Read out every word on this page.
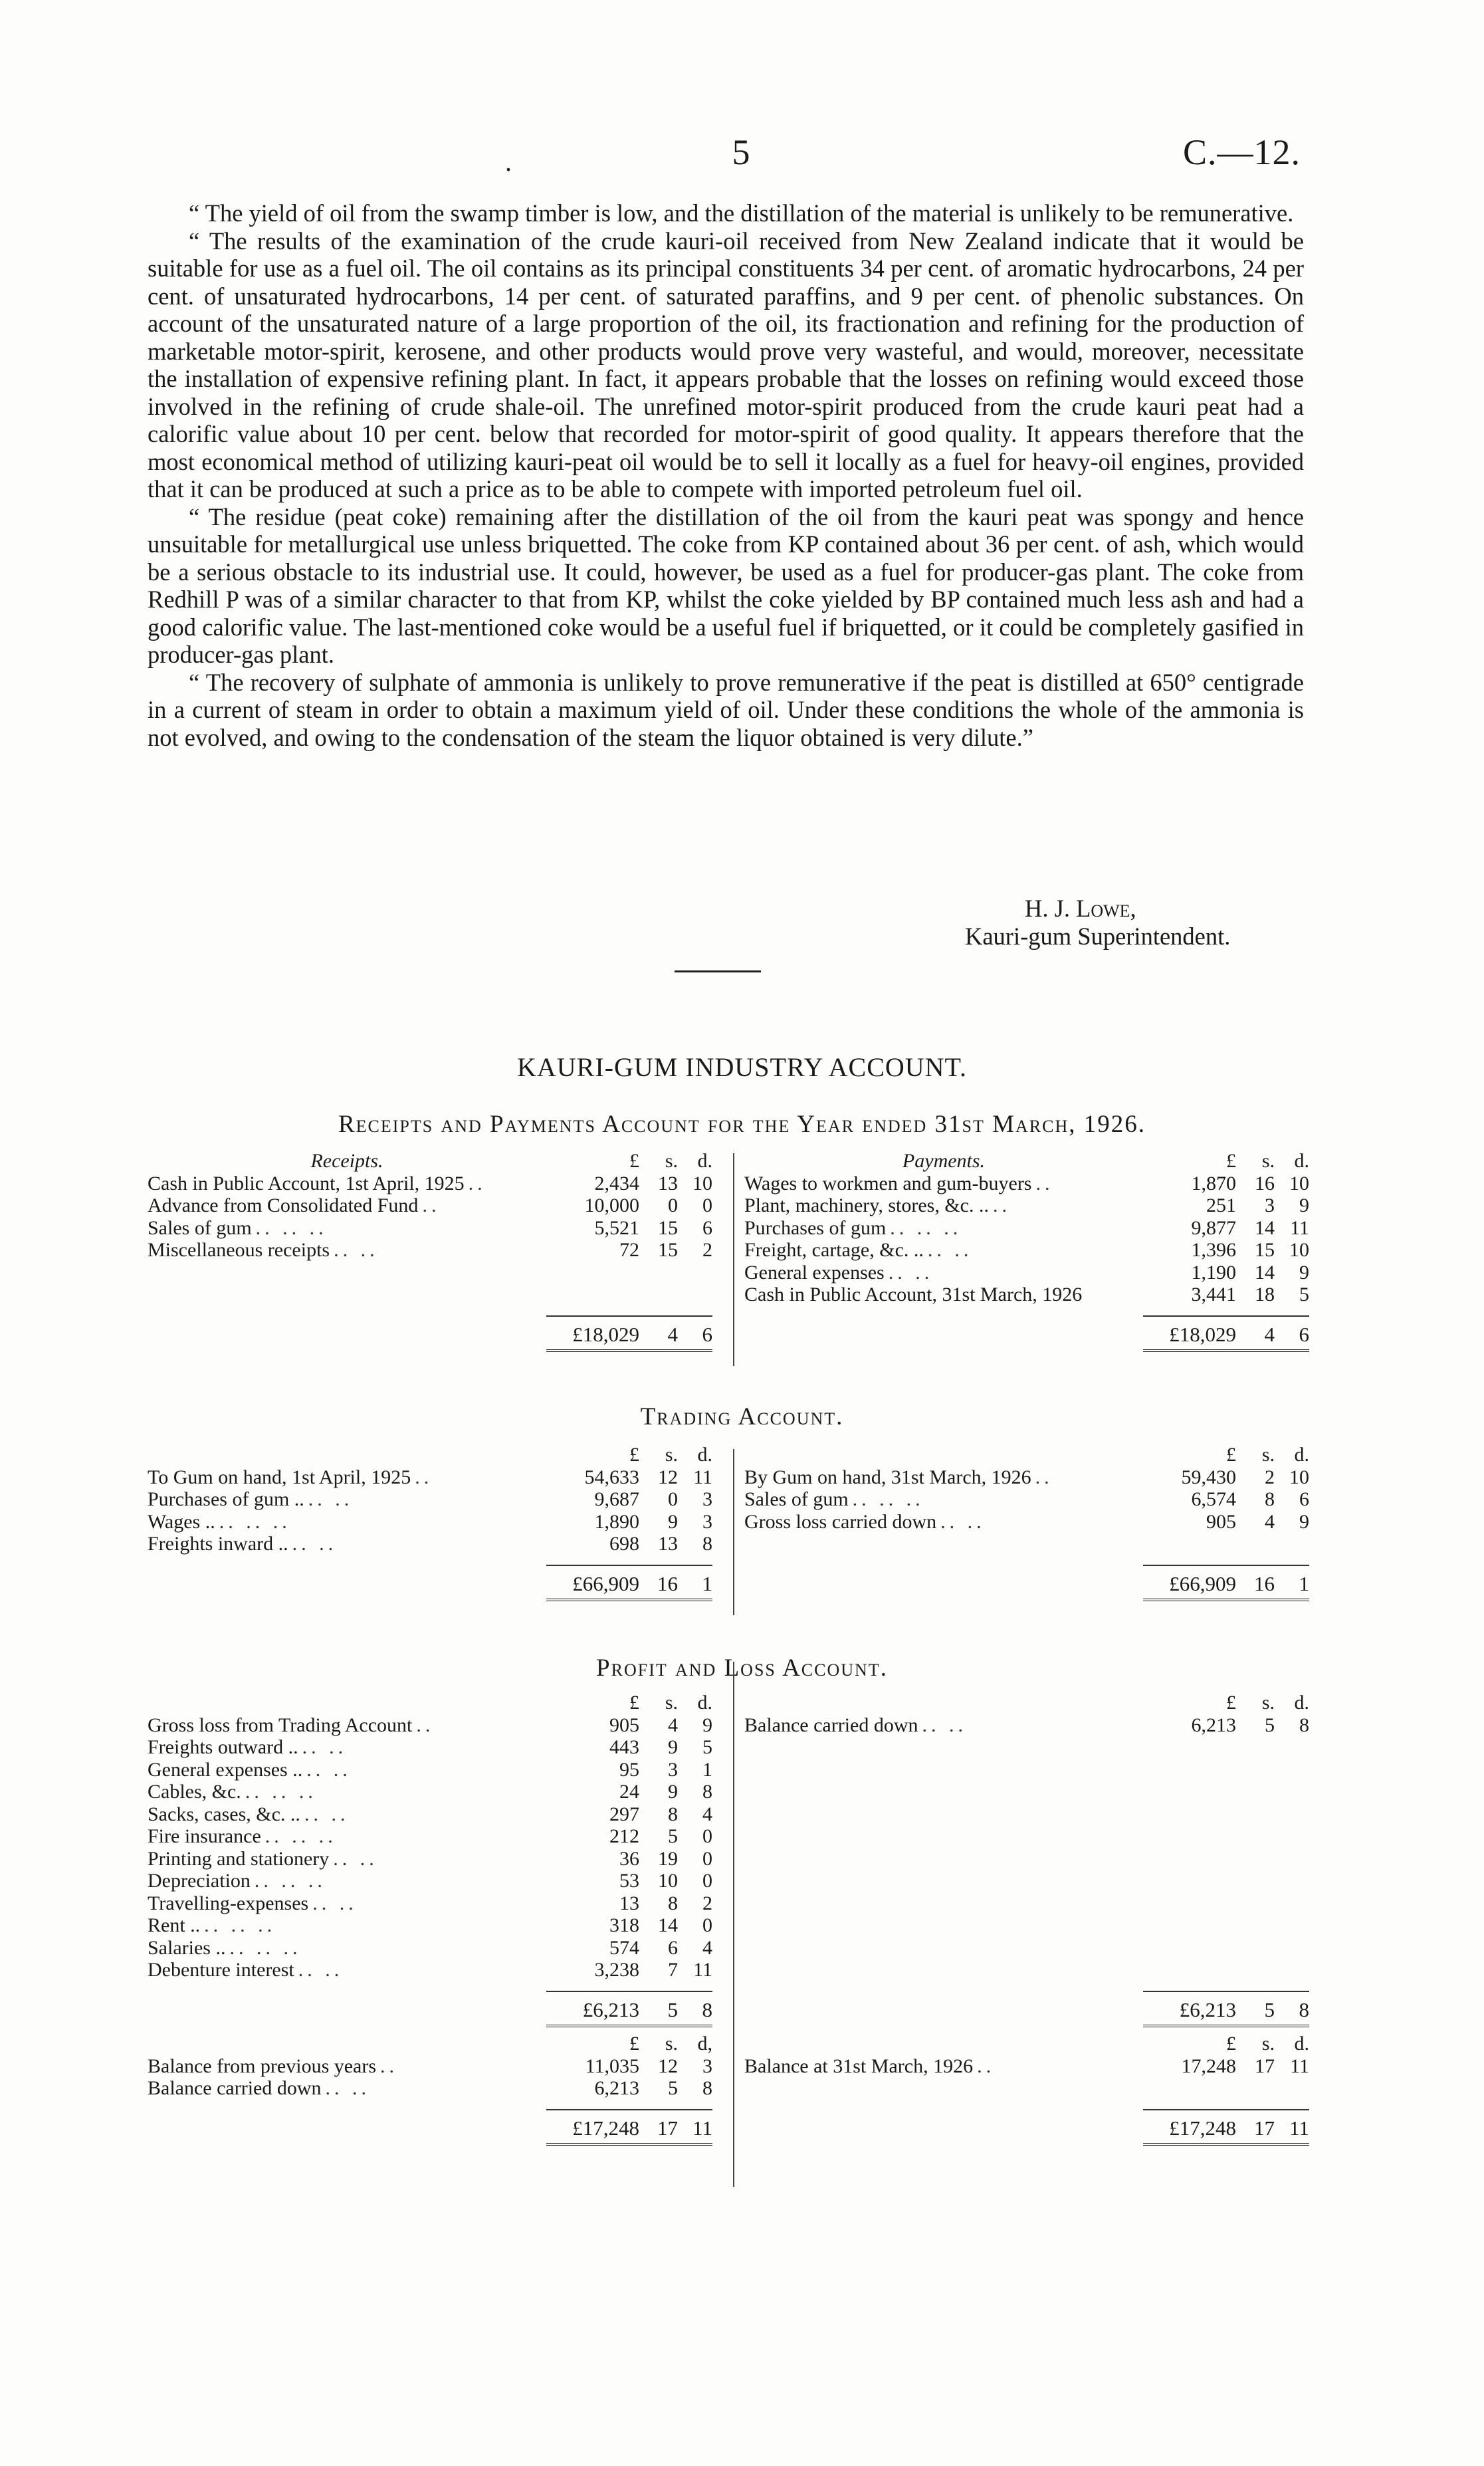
.	5	C.—12.

“ The yield of oil from the swamp timber is low, and the distillation of the material is unlikely to be remunerative.

“ The results of the examination of the crude kauri-oil received from New Zealand indicate that it would be suitable for use as a fuel oil. The oil contains as its principal constituents 34 per cent. of aromatic hydrocarbons, 24 per cent. of unsaturated hydrocarbons, 14 per cent. of saturated paraffins, and 9 per cent. of phenolic substances. On account of the unsaturated nature of a large proportion of the oil, its fractionation and refining for the production of marketable motor-spirit, kerosene, and other products would prove very wasteful, and would, moreover, necessitate the installation of expensive refining plant. In fact, it appears probable that the losses on refining would exceed those involved in the refining of crude shale-oil. The unrefined motor-spirit produced from the crude kauri peat had a calorific value about 10 per cent. below that recorded for motor-spirit of good quality. It appears therefore that the most economical method of utilizing kauri-peat oil would be to sell it locally as a fuel for heavy-oil engines, provided that it can be produced at such a price as to be able to compete with imported petroleum fuel oil.

“ The residue (peat coke) remaining after the distillation of the oil from the kauri peat was spongy and hence unsuitable for metallurgical use unless briquetted. The coke from KP contained about 36 per cent. of ash, which would be a serious obstacle to its industrial use. It could, however, be used as a fuel for producer-gas plant. The coke from Redhill P was of a similar character to that from KP, whilst the coke yielded by BP contained much less ash and had a good calorific value. The last-mentioned coke would be a useful fuel if briquetted, or it could be completely gasified in producer-gas plant.

“ The recovery of sulphate of ammonia is unlikely to prove remunerative if the peat is distilled at 650° centigrade in a current of steam in order to obtain a maximum yield of oil. Under these conditions the whole of the ammonia is not evolved, and owing to the condensation of the steam the liquor obtained is very dilute.”

H. J. Lowe,
Kauri-gum Superintendent.
KAURI-GUM INDUSTRY ACCOUNT.
Receipts and Payments Account for the Year ended 31st March, 1926.
Receipts.	£	s. d.
Cash in Public Account, 1st April, 1925 ..	2,434 13 10
Advance from Consolidated Fund ..	10,000	0	0
Sales of gum .. .. ..	5,521 15	6
Miscellaneous receipts .. ..	72 15	2
£18,029	4	6
Payments.	£	s. d.
Wages to workmen and gum-buyers ..	1,870 16 10
Plant, machinery, stores, &c. .. ..	251	3	9
Purchases of gum .. .. ..	9,877 14 11
Freight, cartage, &c. .. .. ..	1,396 15 10
General expenses .. ..	1,190 14	9
Cash in Public Account, 31st March, 1926	3,441 18	5
£18,029	4	6
Trading Account.
£	s. d.
To Gum on hand, 1st April, 1925 ..	54,633 12 11
Purchases of gum .. .. ..	9,687	0	3
Wages .. .. .. ..	1,890	9	3
Freights inward .. .. ..	698 13	8
£66,909 16	1
£	s. d.
By Gum on hand, 31st March, 1926 ..	59,430	2 10
Sales of gum .. .. ..	6,574	8	6
Gross loss carried down .. ..	905	4	9
£66,909 16	1
Profit and Loss Account.
£	s. d.
Gross loss from Trading Account ..	905	4	9
Freights outward .. .. ..	443	9	5
General expenses .. .. ..	95	3	1
Cables, &c. .. .. ..	24	9	8
Sacks, cases, &c. .. .. ..	297	8	4
Fire insurance .. .. ..	212	5	0
Printing and stationery .. ..	36 19	0
Depreciation .. .. ..	53 10	0
Travelling-expenses .. ..	13	8	2
Rent .. .. .. ..	318 14	0
Salaries .. .. .. ..	574	6	4
Debenture interest .. ..	3,238	7 11
£6,213	5	8
£	s. d.
Balance carried down .. ..	6,213	5	8
£6,213	5	8
£	s. d,
Balance from previous years ..	11,035 12	3
Balance carried down .. ..	6,213	5	8
£17,248 17 11
£	s. d.
Balance at 31st March, 1926 ..	17,248 17 11
£17,248 17 11
